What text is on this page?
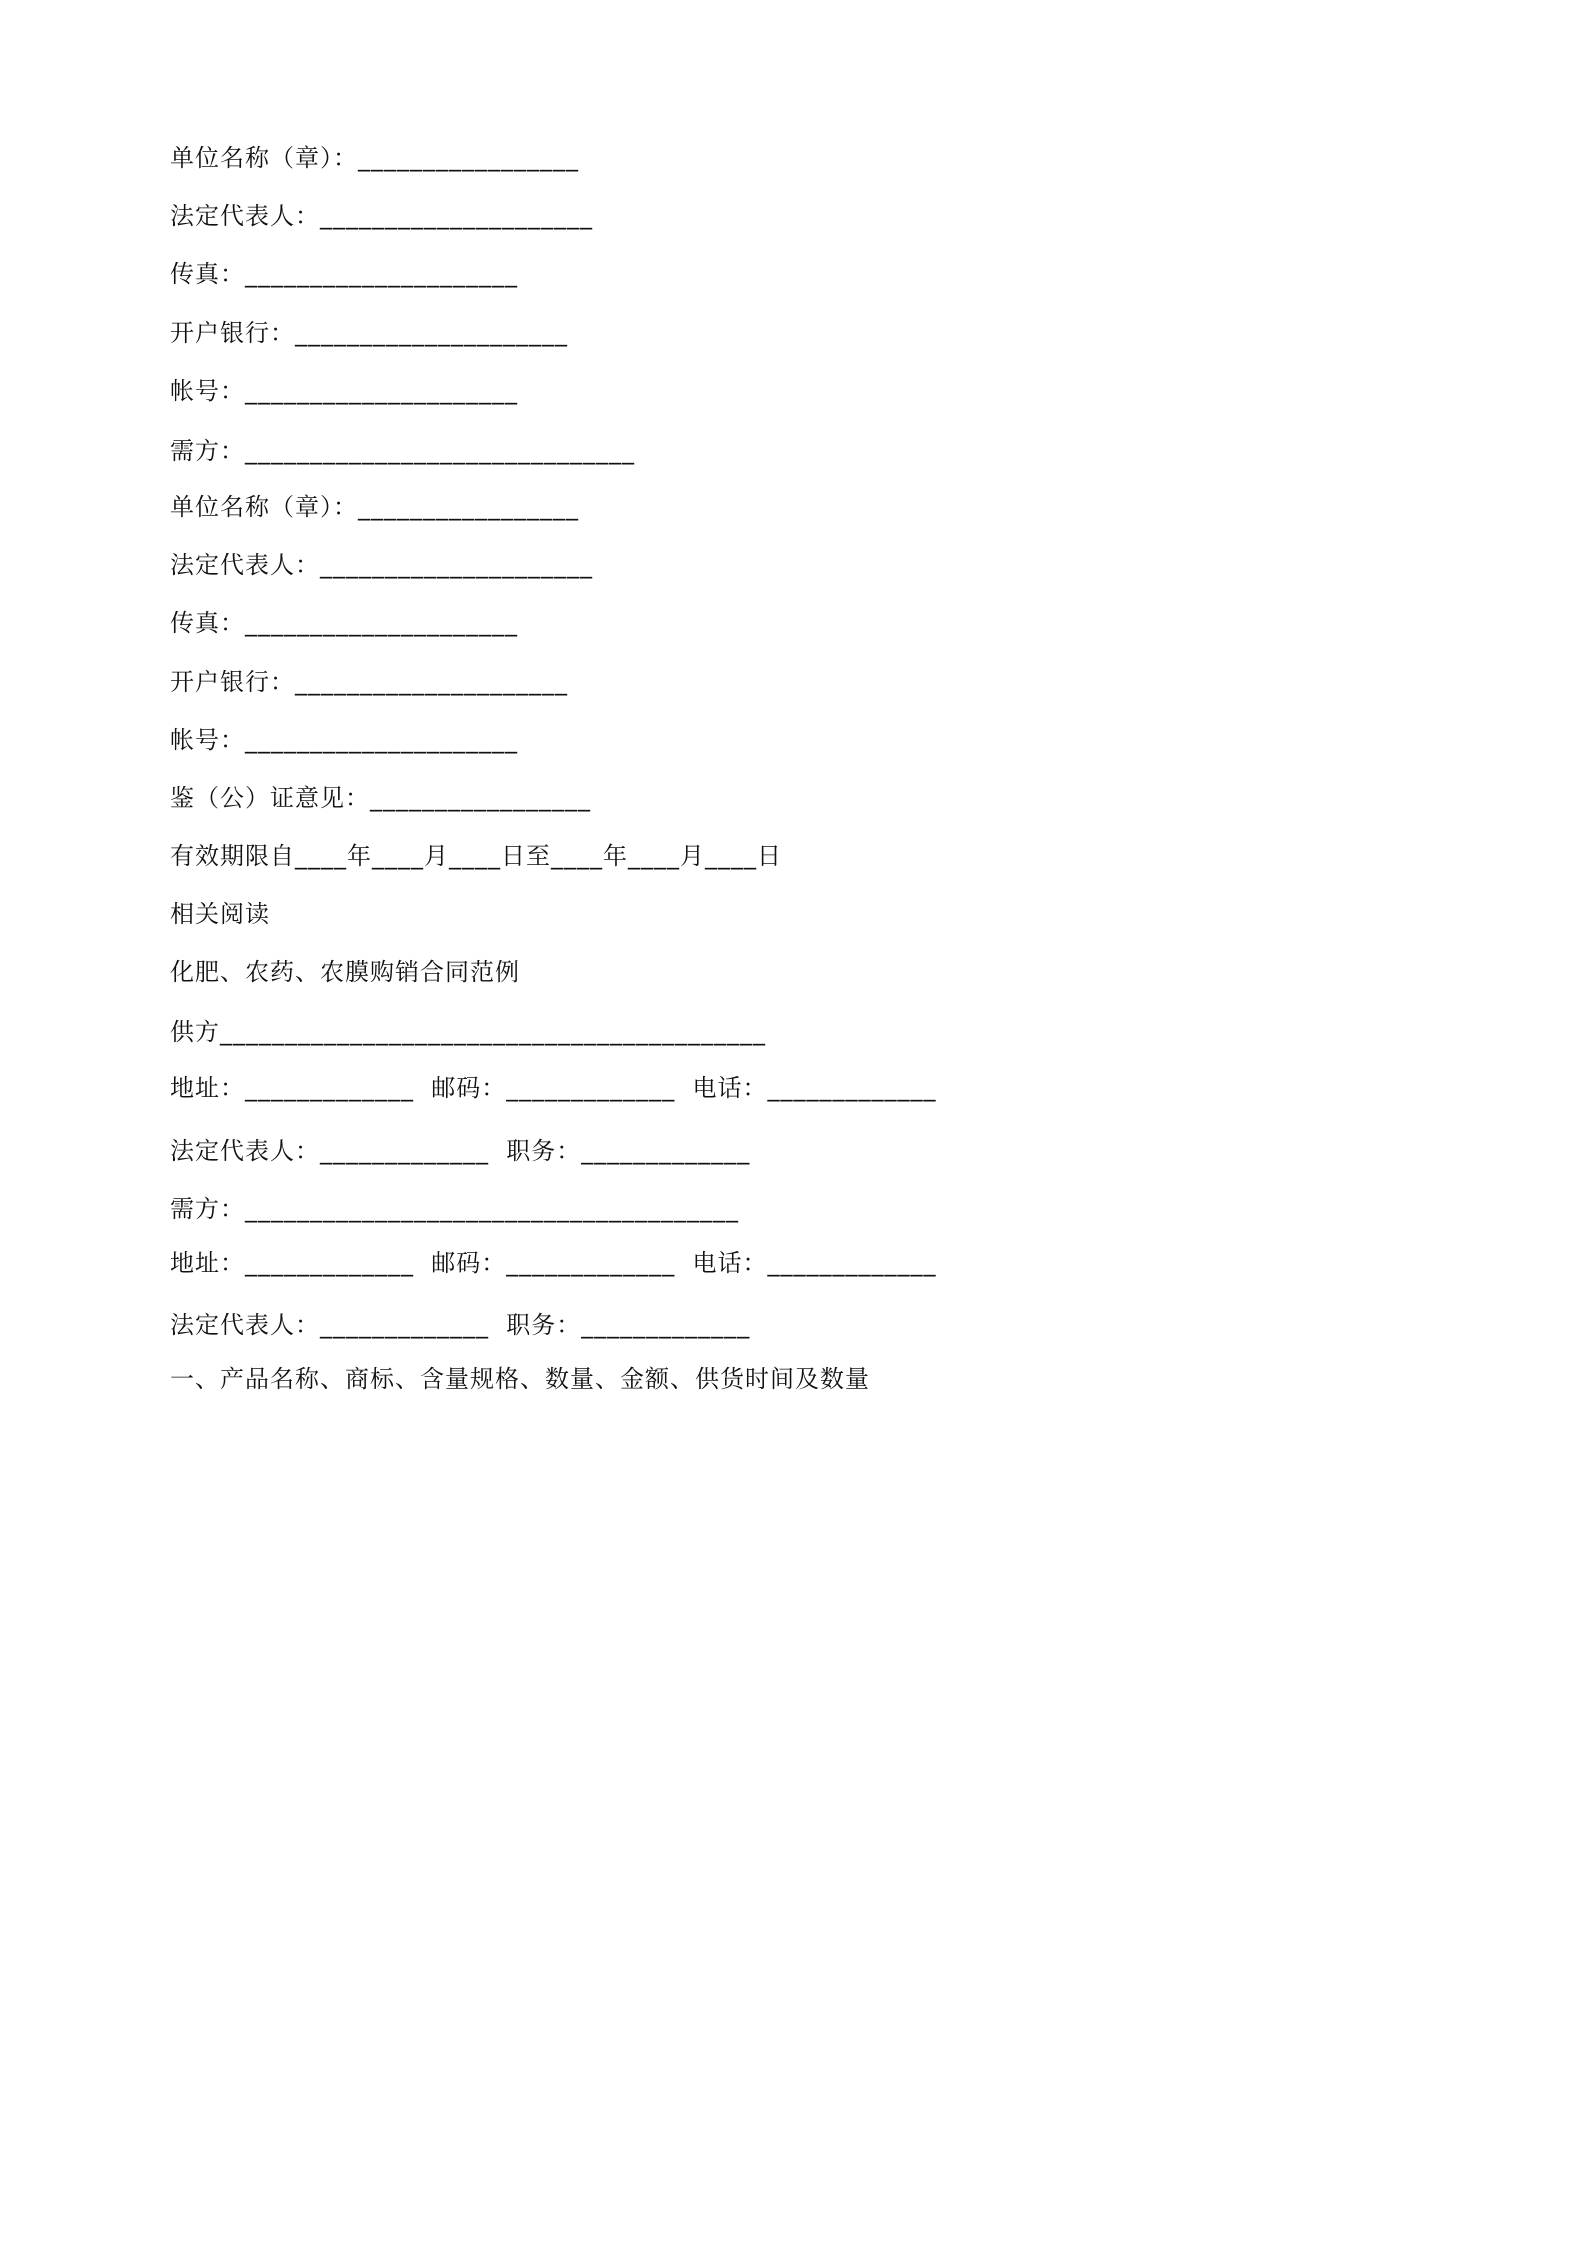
单位名称（章）：_________________
法定代表人：_____________________
传真：_____________________
开户银行：_____________________
帐号：_____________________
需方：______________________________
单位名称（章）：_________________
法定代表人：_____________________
传真：_____________________
开户银行：_____________________
帐号：_____________________
鉴（公）证意见：_________________
有效期限自____年____月____日至____年____月____日
相关阅读
化肥、农药、农膜购销合同范例
供方__________________________________________
地址：_____________  邮码：_____________  电话：_____________
法定代表人：_____________  职务：_____________
需方：______________________________________
地址：_____________  邮码：_____________  电话：_____________
法定代表人：_____________  职务：_____________
一、产品名称、商标、含量规格、数量、金额、供货时间及数量
